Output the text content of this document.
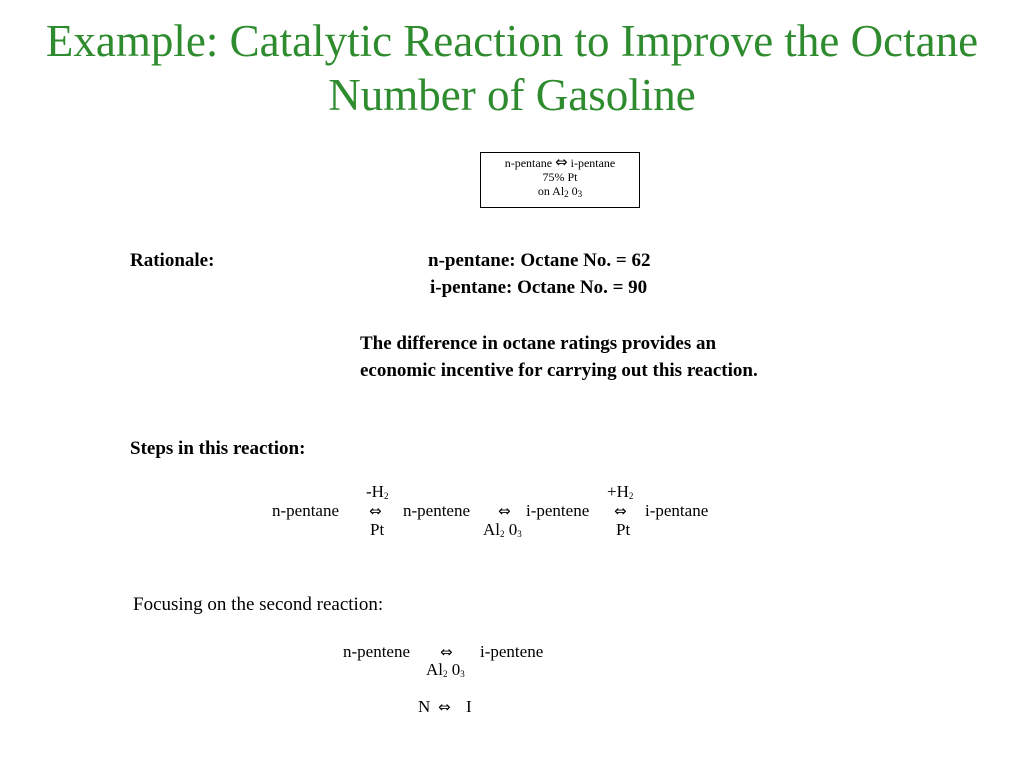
Example: Catalytic Reaction to Improve the Octane Number of Gasoline
n-pentane ⇔ i-pentane
75% Pt
on $Al_2$ $0_3$
Rationale:	n-pentane: Octane No. = 62
i-pentane: Octane No. = 90
The difference in octane ratings provides an economic incentive for carrying out this reaction.
Steps in this reaction:
n-pentane
$-H_2$
⇔
Pt
n-pentene ⇔
$Al_2$ $0_3$
i-pentene
$+H_2$
⇔
Pt
i-pentane
Focusing on the second reaction:
n-pentene ⇔ i-pentene
$Al_2$ $0_3$
N ⇔ I
